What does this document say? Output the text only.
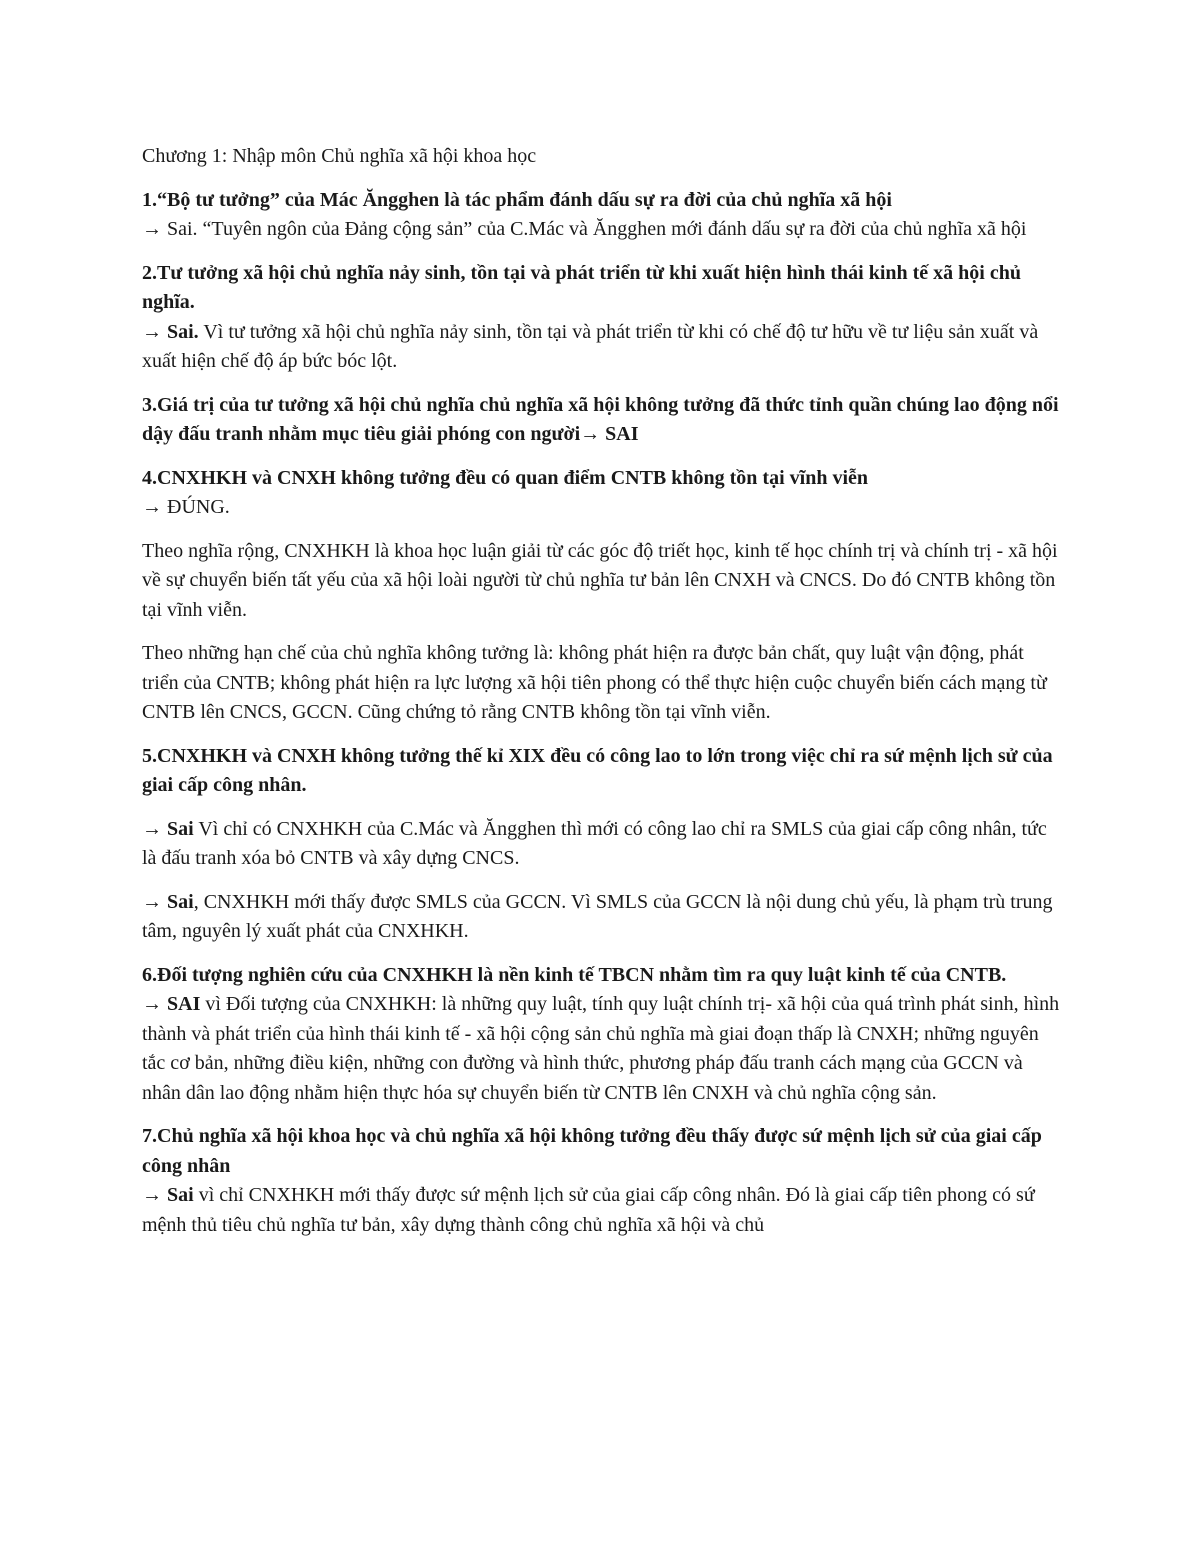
Chương 1: Nhập môn Chủ nghĩa xã hội khoa học
1.“Bộ tư tưởng” của Mác Ăngghen là tác phẩm đánh dấu sự ra đời của chủ nghĩa xã hội
→ Sai. “Tuyên ngôn của Đảng cộng sản” của C.Mác và Ăngghen mới đánh dấu sự ra đời của chủ nghĩa xã hội
2.Tư tưởng xã hội chủ nghĩa nảy sinh, tồn tại và phát triển từ khi xuất hiện hình thái kinh tế xã hội chủ nghĩa.
→ Sai. Vì tư tưởng xã hội chủ nghĩa nảy sinh, tồn tại và phát triển từ khi có chế độ tư hữu về tư liệu sản xuất và xuất hiện chế độ áp bức bóc lột.
3.Giá trị của tư tưởng xã hội chủ nghĩa chủ nghĩa xã hội không tưởng đã thức tỉnh quần chúng lao động nổi dậy đấu tranh nhằm mục tiêu giải phóng con người→ SAI
4.CNXHKH và CNXH không tưởng đều có quan điểm CNTB không tồn tại vĩnh viễn
→ ĐÚNG.
Theo nghĩa rộng, CNXHKH là khoa học luận giải từ các góc độ triết học, kinh tế học chính trị và chính trị - xã hội về sự chuyển biến tất yếu của xã hội loài người từ chủ nghĩa tư bản lên CNXH và CNCS. Do đó CNTB không tồn tại vĩnh viễn.
Theo những hạn chế của chủ nghĩa không tưởng là: không phát hiện ra được bản chất, quy luật vận động, phát triển của CNTB; không phát hiện ra lực lượng xã hội tiên phong có thể thực hiện cuộc chuyển biến cách mạng từ CNTB lên CNCS, GCCN. Cũng chứng tỏ rằng CNTB không tồn tại vĩnh viễn.
5.CNXHKH và CNXH không tưởng thế kỉ XIX đều có công lao to lớn trong việc chỉ ra sứ mệnh lịch sử của giai cấp công nhân.
→ Sai Vì chỉ có CNXHKH của C.Mác và Ăngghen thì mới có công lao chỉ ra SMLS của giai cấp công nhân, tức là đấu tranh xóa bỏ CNTB và xây dựng CNCS.
→ Sai, CNXHKH mới thấy được SMLS của GCCN. Vì SMLS của GCCN là nội dung chủ yếu, là phạm trù trung tâm, nguyên lý xuất phát của CNXHKH.
6.Đối tượng nghiên cứu của CNXHKH là nền kinh tế TBCN nhằm tìm ra quy luật kinh tế của CNTB.
→ SAI vì Đối tượng của CNXHKH: là những quy luật, tính quy luật chính trị- xã hội của quá trình phát sinh, hình thành và phát triển của hình thái kinh tế - xã hội cộng sản chủ nghĩa mà giai đoạn thấp là CNXH; những nguyên tắc cơ bản, những điều kiện, những con đường và hình thức, phương pháp đấu tranh cách mạng của GCCN và nhân dân lao động nhằm hiện thực hóa sự chuyển biến từ CNTB lên CNXH và chủ nghĩa cộng sản.
7.Chủ nghĩa xã hội khoa học và chủ nghĩa xã hội không tưởng đều thấy được sứ mệnh lịch sử của giai cấp công nhân
→ Sai vì chỉ CNXHKH mới thấy được sứ mệnh lịch sử của giai cấp công nhân. Đó là giai cấp tiên phong có sứ mệnh thủ tiêu chủ nghĩa tư bản, xây dựng thành công chủ nghĩa xã hội và chủ
